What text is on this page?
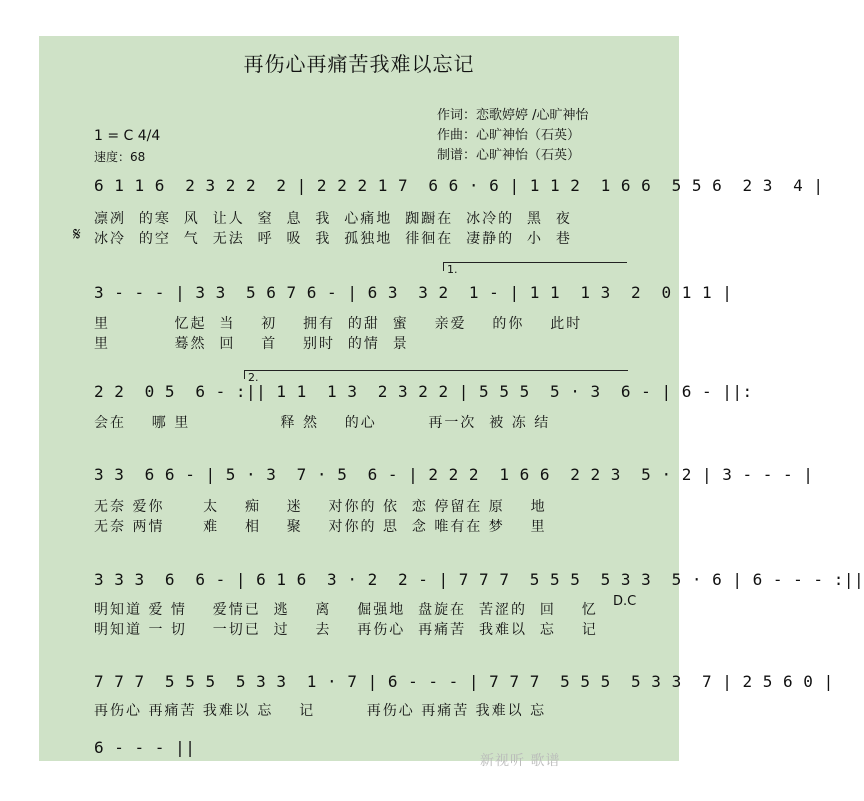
再伤心再痛苦我难以忘记
作词：恋歌婷婷 /心旷神怡
作曲：心旷神怡（石英）
制谱：心旷神怡（石英）
1 = C 4/4
速度：68
6 1 1 6  2 3 2 2  2 | 2 2 2 1 7  6 6 · 6 | 1 1 2  1 6 6  5 5 6  2 3  4 |
凛冽  的寒  风  让人  窒  息  我  心痛地  踟蹰在  冰冷的  黑  夜
冰冷  的空  气  无法  呼  吸  我  孤独地  徘徊在  凄静的  小  巷
𝄋
1.
3 - - - | 3 3  5 6 7 6 - | 6 3  3 2  1 - | 1 1  1 3  2  0 1 1 |
里          忆起  当    初    拥有  的甜  蜜    亲爱    的你    此时
里          蓦然  回    首    别时  的情  景
2.
2 2  0 5  6 - :|| 1 1  1 3  2 3 2 2 | 5 5 5  5 · 3  6 - | 6 - ||:
会在    哪 里              释 然    的心        再一次  被 冻 结
3 3  6 6 - | 5 · 3  7 · 5  6 - | 2 2 2  1 6 6  2 2 3  5 · 2 | 3 - - - |
无奈 爱你      太    痴    迷    对你的 依  恋 停留在 原    地
无奈 两情      难    相    聚    对你的 思  念 唯有在 梦    里
3 3 3  6  6 - | 6 1 6  3 · 2  2 - | 7 7 7  5 5 5  5 3 3  5 · 6 | 6 - - - :||
明知道 爱 情    爱情已  逃    离    倔强地  盘旋在  苦涩的  回    忆
明知道 一 切    一切已  过    去    再伤心  再痛苦  我难以  忘    记
D.C
7 7 7  5 5 5  5 3 3  1 · 7 | 6 - - - | 7 7 7  5 5 5  5 3 3  7 | 2 5 6 0 |
再伤心 再痛苦 我难以 忘    记        再伤心 再痛苦 我难以 忘
6 - - - ||
新视听 歌谱
